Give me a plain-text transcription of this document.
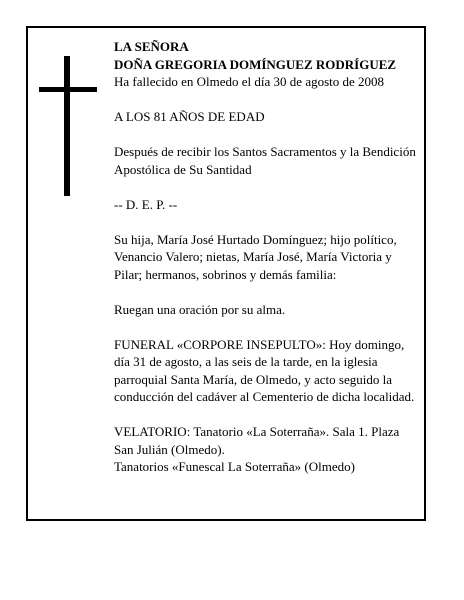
LA SEÑORA
DOÑA GREGORIA DOMÍNGUEZ RODRÍGUEZ
Ha fallecido en Olmedo el día 30 de agosto de 2008

A LOS 81 AÑOS DE EDAD

Después de recibir los Santos Sacramentos y la Bendición Apostólica de Su Santidad

-- D. E. P. --

Su hija, María José Hurtado Domínguez; hijo político, Venancio Valero; nietas, María José, María Victoria y Pilar; hermanos, sobrinos y demás familia:

Ruegan una oración por su alma.

FUNERAL «CORPORE INSEPULTO»: Hoy domingo, día 31 de agosto, a las seis de la tarde, en la iglesia parroquial Santa María, de Olmedo, y acto seguido la conducción del cadáver al Cementerio de dicha localidad.

VELATORIO: Tanatorio «La Soterraña». Sala 1. Plaza San Julián (Olmedo).
Tanatorios «Funescal La Soterraña» (Olmedo)
